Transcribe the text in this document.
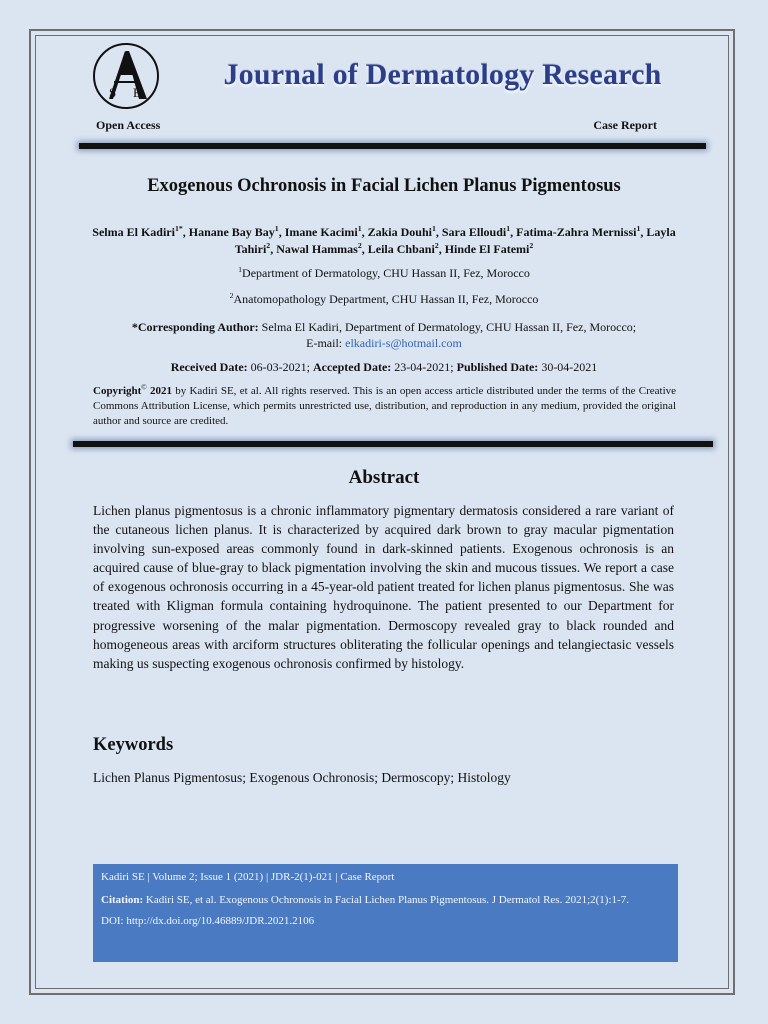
S E
Journal of Dermatology Research
Open Access	Case Report
Exogenous Ochronosis in Facial Lichen Planus Pigmentosus
Selma El Kadiri$^{1*}$, Hanane Bay Bay$^1$, Imane Kacimi$^1$, Zakia Douhi$^1$, Sara Elloudi$^1$, Fatima-Zahra Mernissi$^1$, Layla Tahiri$^2$, Nawal Hammas$^2$, Leila Chbani$^2$, Hinde El Fatemi$^2$
$^1$Department of Dermatology, CHU Hassan II, Fez, Morocco
$^2$Anatomopathology Department, CHU Hassan II, Fez, Morocco
*Corresponding Author: Selma El Kadiri, Department of Dermatology, CHU Hassan II, Fez, Morocco;
E-mail: elkadiri-s@hotmail.com
Received Date: 06-03-2021; Accepted Date: 23-04-2021; Published Date: 30-04-2021
Copyright© 2021 by Kadiri SE, et al. All rights reserved. This is an open access article distributed under the terms of the Creative Commons Attribution License, which permits unrestricted use, distribution, and reproduction in any medium, provided the original author and source are credited.
Abstract
Lichen planus pigmentosus is a chronic inflammatory pigmentary dermatosis considered a rare variant of the cutaneous lichen planus. It is characterized by acquired dark brown to gray macular pigmentation involving sun-exposed areas commonly found in dark-skinned patients. Exogenous ochronosis is an acquired cause of blue-gray to black pigmentation involving the skin and mucous tissues. We report a case of exogenous ochronosis occurring in a 45-year-old patient treated for lichen planus pigmentosus. She was treated with Kligman formula containing hydroquinone. The patient presented to our Department for progressive worsening of the malar pigmentation. Dermoscopy revealed gray to black rounded and homogeneous areas with arciform structures obliterating the follicular openings and telangiectasic vessels making us suspecting exogenous ochronosis confirmed by histology.
Keywords
Lichen Planus Pigmentosus; Exogenous Ochronosis; Dermoscopy; Histology

Kadiri SE | Volume 2; Issue 1 (2021) | JDR-2(1)-021 | Case Report

Citation: Kadiri SE, et al. Exogenous Ochronosis in Facial Lichen Planus Pigmentosus. J Dermatol Res. 2021;2(1):1-7.

DOI: http://dx.doi.org/10.46889/JDR.2021.2106
